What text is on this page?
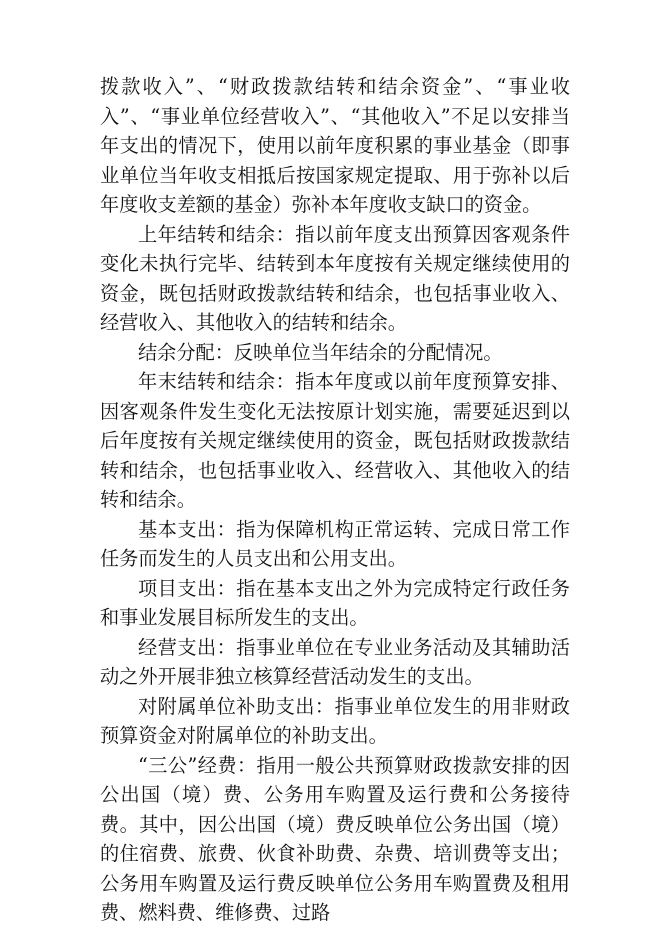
拨款收入”、“财政拨款结转和结余资金”、“事业收入”、“事业单位经营收入”、“其他收入”不足以安排当年支出的情况下，使用以前年度积累的事业基金（即事业单位当年收支相抵后按国家规定提取、用于弥补以后年度收支差额的基金）弥补本年度收支缺口的资金。

上年结转和结余：指以前年度支出预算因客观条件变化未执行完毕、结转到本年度按有关规定继续使用的资金，既包括财政拨款结转和结余，也包括事业收入、经营收入、其他收入的结转和结余。

结余分配：反映单位当年结余的分配情况。

年末结转和结余：指本年度或以前年度预算安排、因客观条件发生变化无法按原计划实施，需要延迟到以后年度按有关规定继续使用的资金，既包括财政拨款结转和结余，也包括事业收入、经营收入、其他收入的结转和结余。

基本支出：指为保障机构正常运转、完成日常工作任务而发生的人员支出和公用支出。

项目支出：指在基本支出之外为完成特定行政任务和事业发展目标所发生的支出。

经营支出：指事业单位在专业业务活动及其辅助活动之外开展非独立核算经营活动发生的支出。

对附属单位补助支出：指事业单位发生的用非财政预算资金对附属单位的补助支出。

“三公”经费：指用一般公共预算财政拨款安排的因公出国（境）费、公务用车购置及运行费和公务接待费。其中，因公出国（境）费反映单位公务出国（境）的住宿费、旅费、伙食补助费、杂费、培训费等支出；公务用车购置及运行费反映单位公务用车购置费及租用费、燃料费、维修费、过路
